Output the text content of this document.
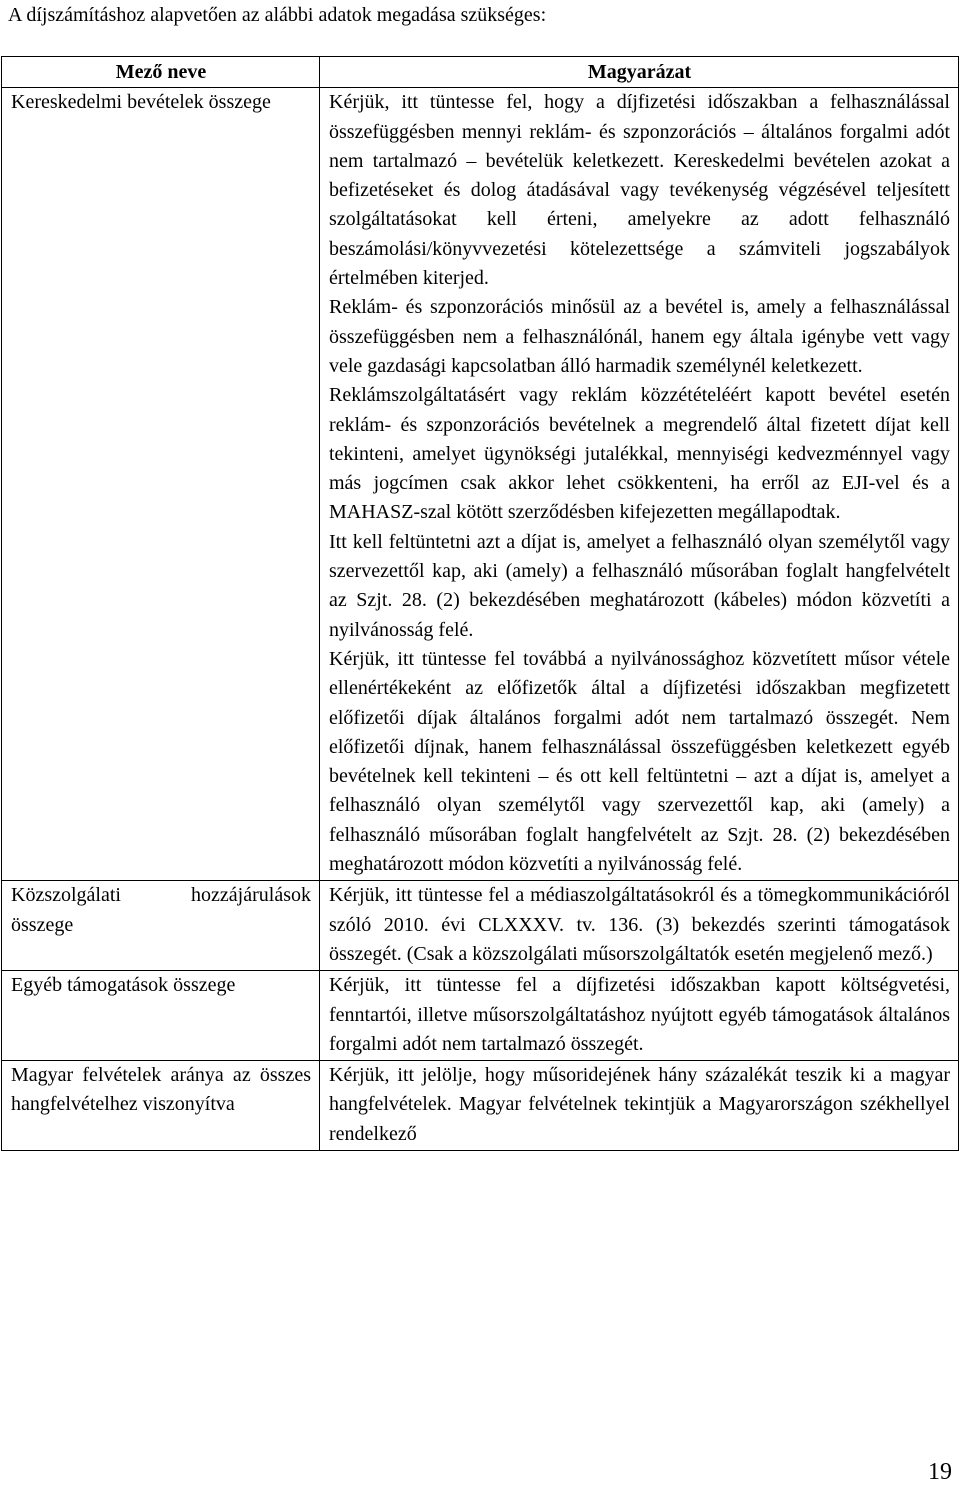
A díjszámításhoz alapvetően az alábbi adatok megadása szükséges:
Mező neve	Magyarázat
Kereskedelmi bevételek összege	Kérjük, itt tüntesse fel, hogy a díjfizetési időszakban a felhasználással összefüggésben mennyi reklám- és szponzorációs – általános forgalmi adót nem tartalmazó – bevételük keletkezett. Kereskedelmi bevételen azokat a befizetéseket és dolog átadásával vagy tevékenység végzésével teljesített szolgáltatásokat kell érteni, amelyekre az adott felhasználó beszámolási/könyvvezetési kötelezettsége a számviteli jogszabályok értelmében kiterjed.

Reklám- és szponzorációs minősül az a bevétel is, amely a felhasználással összefüggésben nem a felhasználónál, hanem egy általa igénybe vett vagy vele gazdasági kapcsolatban álló harmadik személynél keletkezett.

Reklámszolgáltatásért vagy reklám közzétételéért kapott bevétel esetén reklám- és szponzorációs bevételnek a megrendelő által fizetett díjat kell tekinteni, amelyet ügynökségi jutalékkal, mennyiségi kedvezménnyel vagy más jogcímen csak akkor lehet csökkenteni, ha erről az EJI-vel és a MAHASZ-szal kötött szerződésben kifejezetten megállapodtak.

Itt kell feltüntetni azt a díjat is, amelyet a felhasználó olyan személytől vagy szervezettől kap, aki (amely) a felhasználó műsorában foglalt hangfelvételt az Szjt. 28. (2) bekezdésében meghatározott (kábeles) módon közvetíti a nyilvánosság felé.

Kérjük, itt tüntesse fel továbbá a nyilvánossághoz közvetített műsor vétele ellenértékeként az előfizetők által a díjfizetési időszakban megfizetett előfizetői díjak általános forgalmi adót nem tartalmazó összegét. Nem előfizetői díjnak, hanem felhasználással összefüggésben keletkezett egyéb bevételnek kell tekinteni – és ott kell feltüntetni – azt a díjat is, amelyet a felhasználó olyan személytől vagy szervezettől kap, aki (amely) a felhasználó műsorában foglalt hangfelvételt az Szjt. 28. (2) bekezdésében meghatározott módon közvetíti a nyilvánosság felé.

Közszolgálati hozzájárulások összege	Kérjük, itt tüntesse fel a médiaszolgáltatásokról és a tömegkommunikációról szóló 2010. évi CLXXXV. tv. 136. (3) bekezdés szerinti támogatások összegét. (Csak a közszolgálati műsorszolgáltatók esetén megjelenő mező.)

Egyéb támogatások összege	Kérjük, itt tüntesse fel a díjfizetési időszakban kapott költségvetési, fenntartói, illetve műsorszolgáltatáshoz nyújtott egyéb támogatások általános forgalmi adót nem tartalmazó összegét.

Magyar felvételek aránya az összes hangfelvételhez viszonyítva	Kérjük, itt jelölje, hogy műsoridejének hány százalékát teszik ki a magyar hangfelvételek. Magyar felvételnek tekintjük a Magyarországon székhellyel rendelkező

19
